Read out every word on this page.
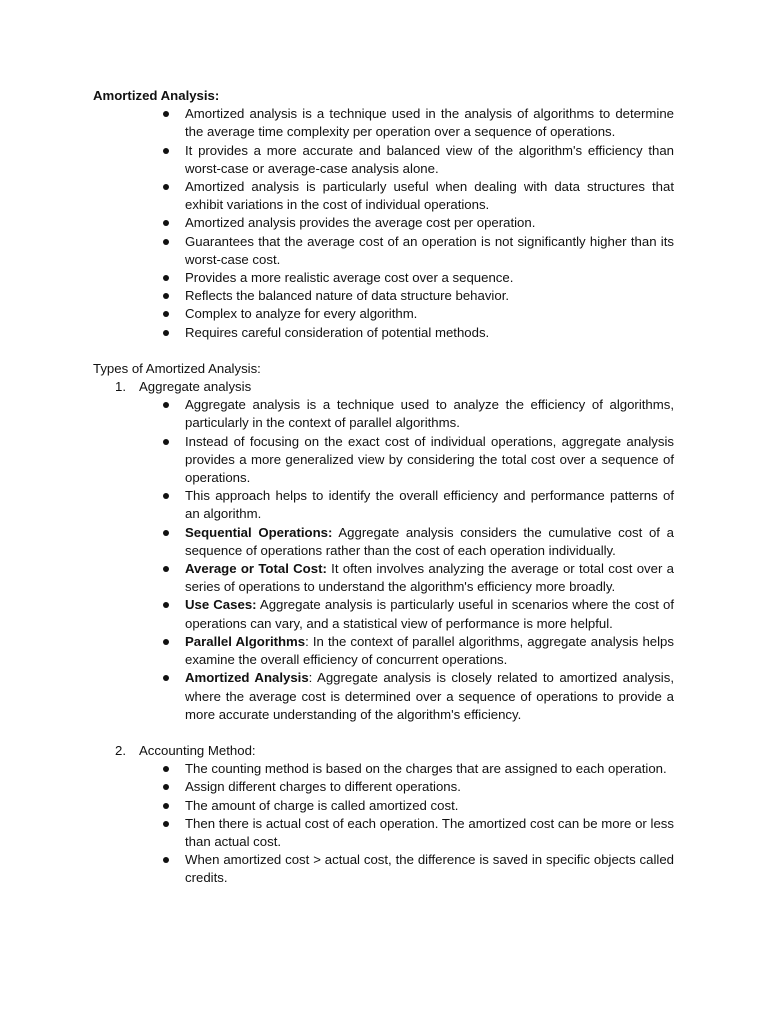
Amortized Analysis:

Amortized analysis is a technique used in the analysis of algorithms to determine the average time complexity per operation over a sequence of operations.
It provides a more accurate and balanced view of the algorithm's efficiency than worst-case or average-case analysis alone.
Amortized analysis is particularly useful when dealing with data structures that exhibit variations in the cost of individual operations.
Amortized analysis provides the average cost per operation.
Guarantees that the average cost of an operation is not significantly higher than its worst-case cost.
Provides a more realistic average cost over a sequence.
Reflects the balanced nature of data structure behavior.
Complex to analyze for every algorithm.
Requires careful consideration of potential methods.

Types of Amortized Analysis:

1. Aggregate analysis

Aggregate analysis is a technique used to analyze the efficiency of algorithms, particularly in the context of parallel algorithms.
Instead of focusing on the exact cost of individual operations, aggregate analysis provides a more generalized view by considering the total cost over a sequence of operations.
This approach helps to identify the overall efficiency and performance patterns of an algorithm.
Sequential Operations: Aggregate analysis considers the cumulative cost of a sequence of operations rather than the cost of each operation individually.
Average or Total Cost: It often involves analyzing the average or total cost over a series of operations to understand the algorithm's efficiency more broadly.
Use Cases: Aggregate analysis is particularly useful in scenarios where the cost of operations can vary, and a statistical view of performance is more helpful.
Parallel Algorithms: In the context of parallel algorithms, aggregate analysis helps examine the overall efficiency of concurrent operations.
Amortized Analysis: Aggregate analysis is closely related to amortized analysis, where the average cost is determined over a sequence of operations to provide a more accurate understanding of the algorithm's efficiency.

2. Accounting Method:

The counting method is based on the charges that are assigned to each operation.
Assign different charges to different operations.
The amount of charge is called amortized cost.
Then there is actual cost of each operation. The amortized cost can be more or less than actual cost.
When amortized cost > actual cost, the difference is saved in specific objects called credits.
